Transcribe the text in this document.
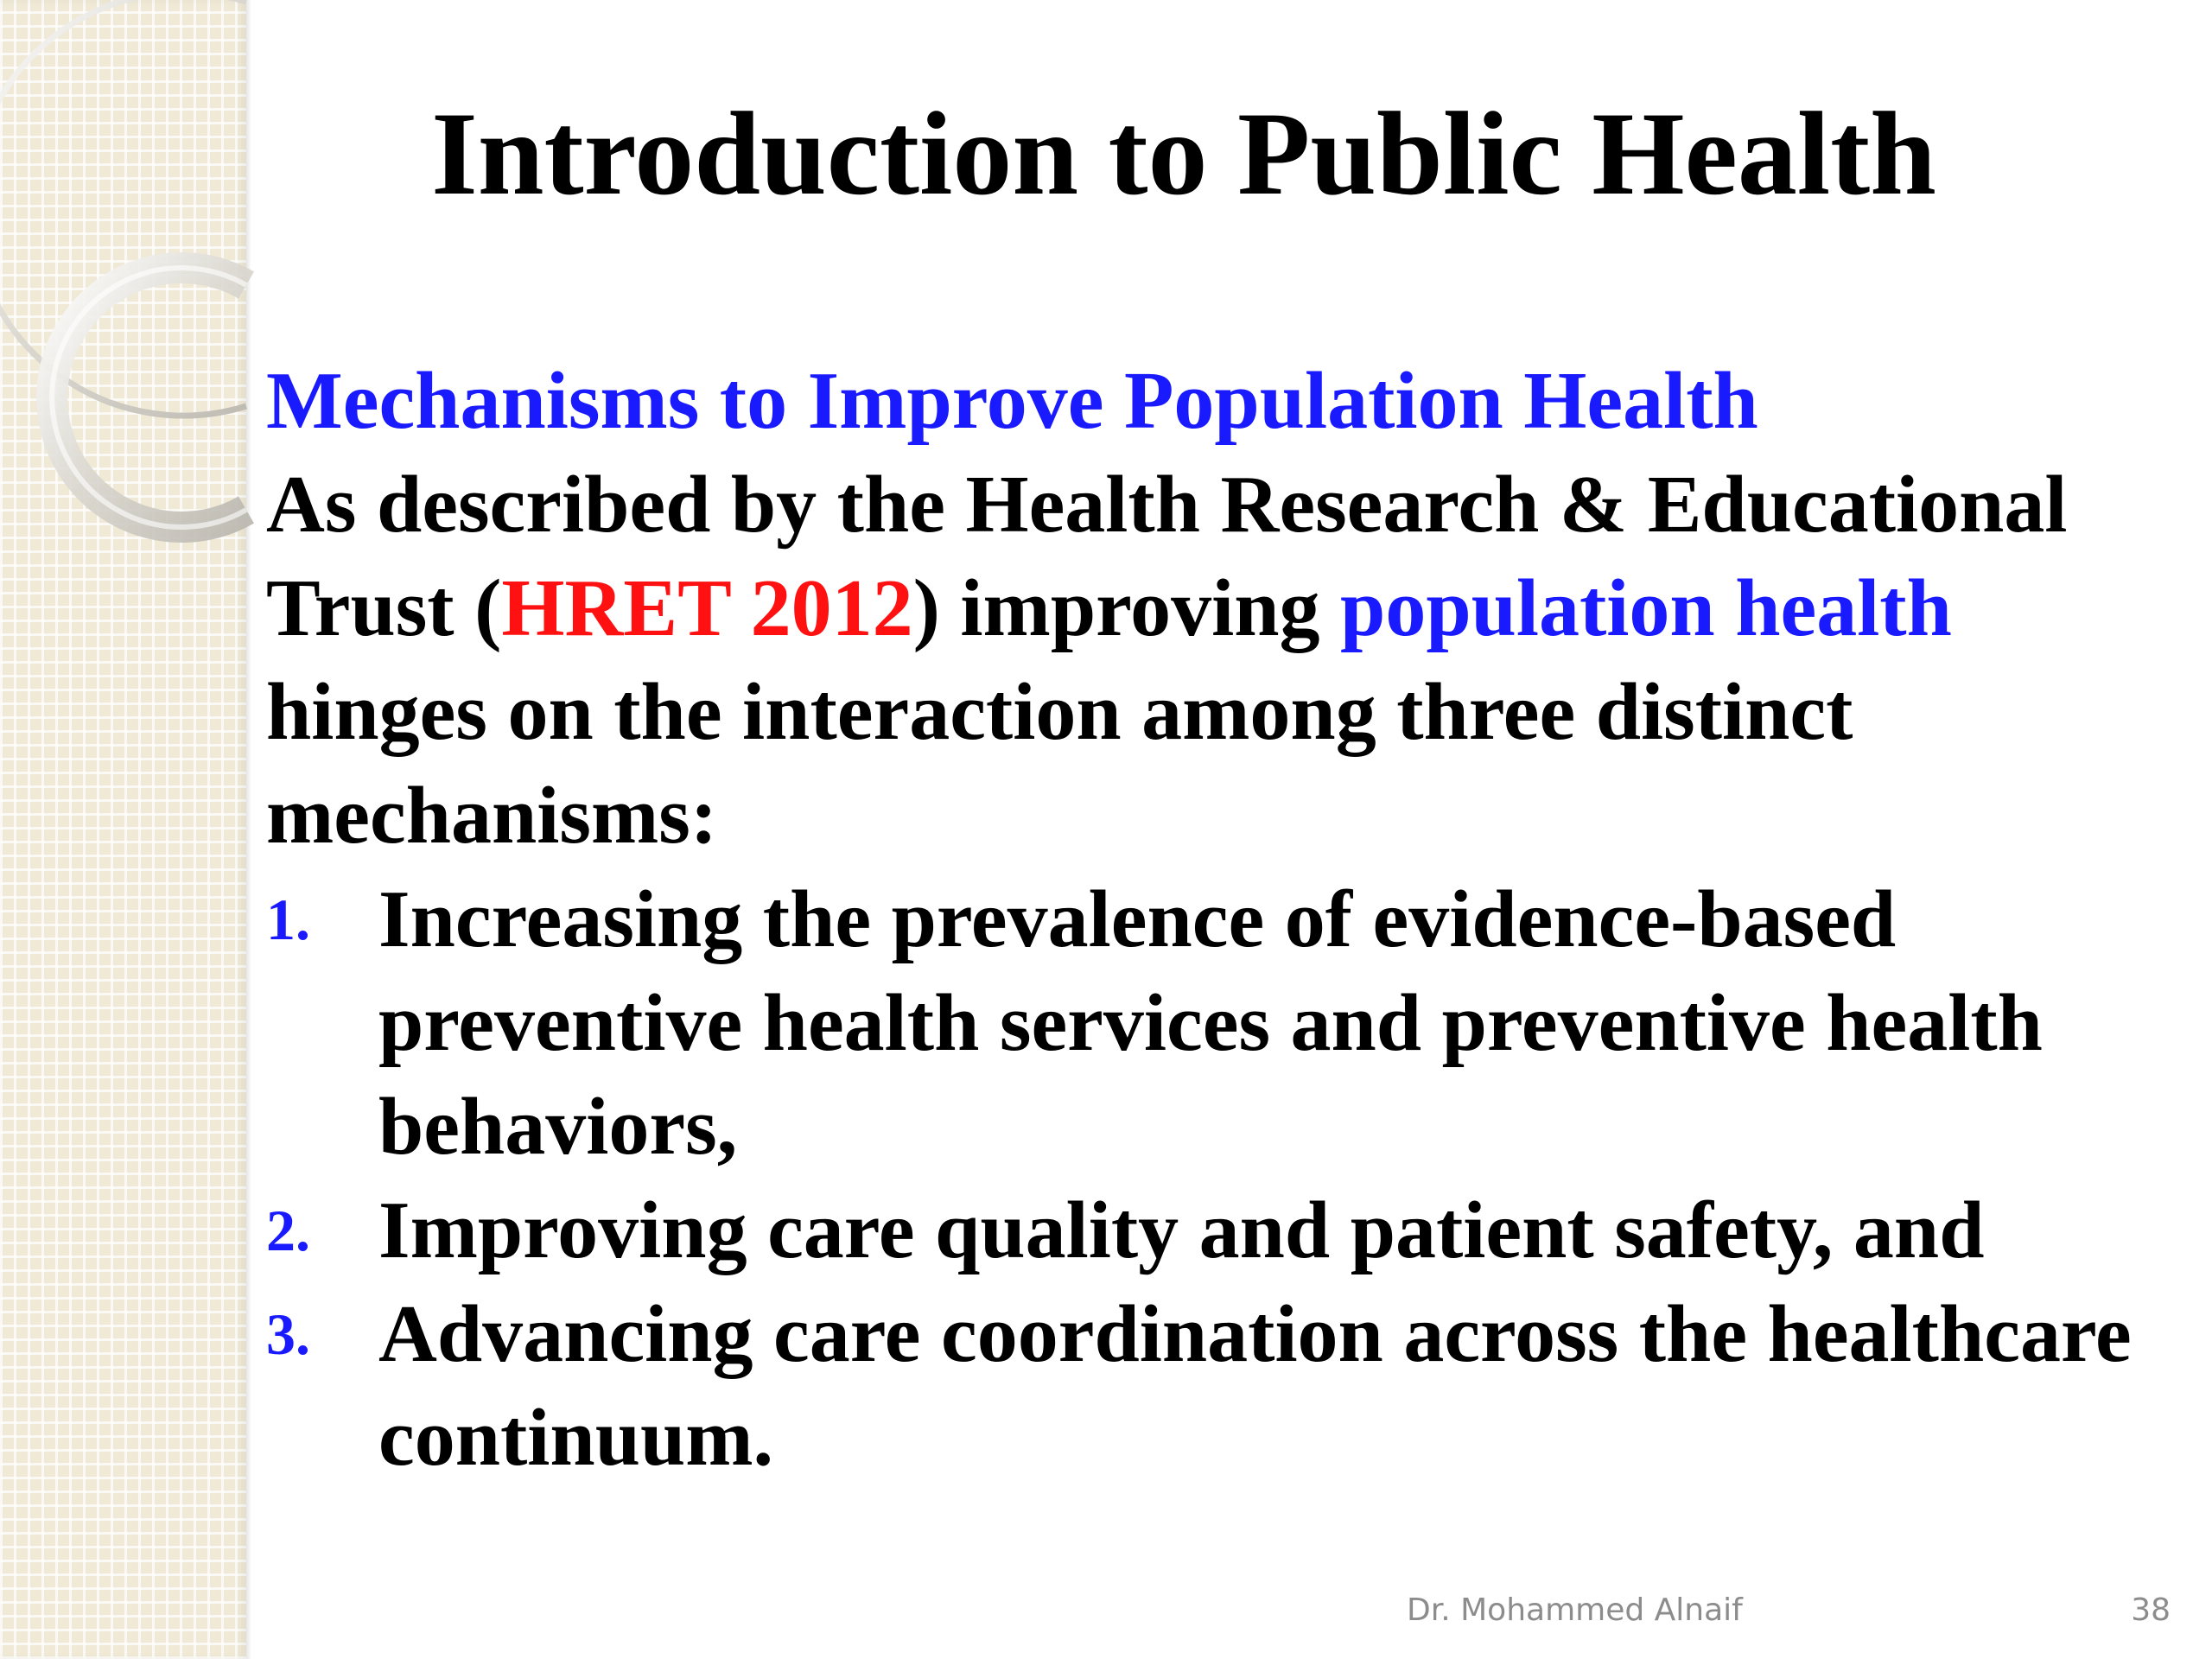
Introduction to Public Health
Mechanisms to Improve Population Health
As described by the Health Research & Educational Trust (HRET 2012) improving population health hinges on the interaction among three distinct mechanisms:
1. Increasing the prevalence of evidence-based preventive health services and preventive health behaviors,
2. Improving care quality and patient safety, and
3. Advancing care coordination across the healthcare continuum.
Dr. Mohammed Alnaif	38
